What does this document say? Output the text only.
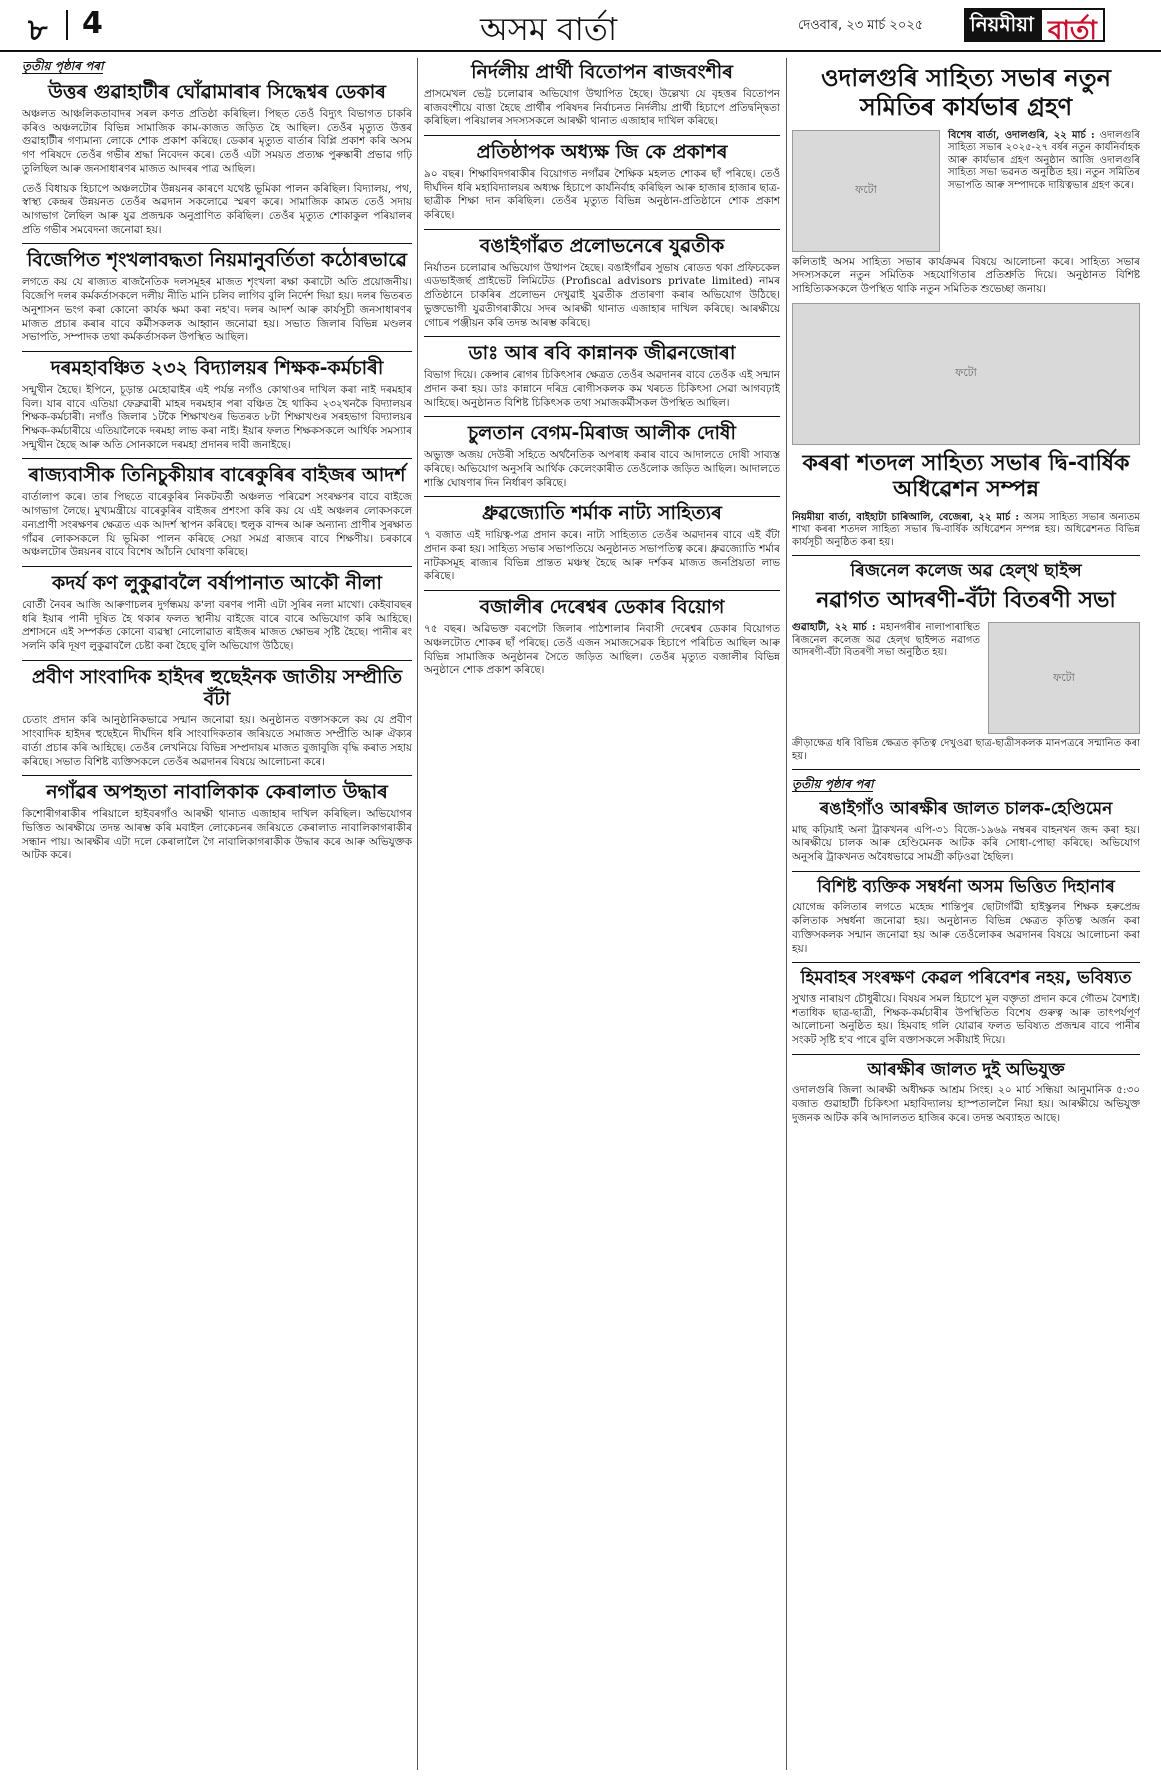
৮ 4	অসম বাৰ্তা	দেওবাৰ, ২৩ মাৰ্চ ২০২৫	নিয়মীয়া বাৰ্তা
তৃতীয় পৃষ্ঠাৰ পৰা
উত্তৰ গুৱাহাটীৰ ঘোঁৱামাৰাৰ সিদ্ধেশ্বৰ ডেকাৰ

অঞ্চলত আঞ্চলিকতাবাদৰ সৰল কণত প্ৰতিষ্ঠা কৰিছিল। পিছত তেওঁ বিদ্যুৎ বিভাগত চাকৰি কৰিও অঞ্চলটোৰ বিভিন্ন সামাজিক কাম-কাজত জড়িত হৈ আছিল। তেওঁৰ মৃত্যুত উত্তৰ গুৱাহাটীৰ গণ্যমান্য লোকে শোক প্ৰকাশ কৰিছে। ডেকাৰ মৃত্যুত বাৰ্তাৰ বিপ্লি প্ৰকাশ কৰি অসম গণ পৰিষদে তেওঁৰ গভীৰ শ্ৰদ্ধা নিবেদন কৰে। তেওঁ এটা সময়ত প্ৰত্যক্ষ পুৰুষ্কাৰী প্ৰভাৱ গঢ়ি তুলিছিল আৰু জনসাধাৰণৰ মাজত আদৰৰ পাত্ৰ আছিল।

তেওঁ বিধায়ক হিচাপে অঞ্চলটোৰ উন্নয়নৰ কাৰণে যথেষ্ট ভূমিকা পালন কৰিছিল। বিদ্যালয়, পথ, স্বাস্থ্য কেন্দ্ৰৰ উন্নয়নত তেওঁৰ অৱদান সকলোৱে স্মৰণ কৰে। সামাজিক কামত তেওঁ সদায় আগভাগ লৈছিল আৰু যুৱ প্ৰজন্মক অনুপ্ৰাণিত কৰিছিল। তেওঁৰ মৃত্যুত শোকাকুল পৰিয়ালৰ প্ৰতি গভীৰ সমবেদনা জনোৱা হয়।

বিজেপিত শৃংখলাবদ্ধতা নিয়মানুবৰ্তিতা কঠোৰভাৱে

লগতে কয় যে ৰাজ্যত ৰাজনৈতিক দলসমূহৰ মাজত শৃংখলা ৰক্ষা কৰাটো অতি প্ৰয়োজনীয়। বিজেপি দলৰ কৰ্মকৰ্তাসকলে দলীয় নীতি মানি চলিব লাগিব বুলি নিৰ্দেশ দিয়া হয়। দলৰ ভিতৰত অনুশাসন ভংগ কৰা কোনো কাৰ্যক ক্ষমা কৰা নহ'ব। দলৰ আদৰ্শ আৰু কাৰ্যসূচী জনসাধাৰণৰ মাজত প্ৰচাৰ কৰাৰ বাবে কৰ্মীসকলক আহ্বান জনোৱা হয়। সভাত জিলাৰ বিভিন্ন মণ্ডলৰ সভাপতি, সম্পাদক তথা কৰ্মকৰ্তাসকল উপস্থিত আছিল।

দৰমহাবঞ্চিত ২৩২ বিদ্যালয়ৰ শিক্ষক-কৰ্মচাৰী

সন্মুখীন হৈছে। ইপিনে, চূড়ান্ত মেহোৱাইৰ এই পৰ্যন্ত নগাঁও কোথাওৰ দাখিল কৰা নাই দৰমহাৰ বিল। যাৰ বাবে এতিয়া ফেব্ৰুৱাৰী মাহৰ দৰমহাৰ পৰা বঞ্চিত হৈ থাকিব ২৩২খনকৈ বিদ্যালয়ৰ শিক্ষক-কৰ্মচাৰী। নগাঁও জিলাৰ ১টকৈ শিক্ষাখণ্ডৰ ভিতৰত ৮টা শিক্ষাখণ্ডৰ সৰহভাগ বিদ্যালয়ৰ শিক্ষক-কৰ্মচাৰীয়ে এতিয়ালৈকে দৰমহা লাভ কৰা নাই। ইয়াৰ ফলত শিক্ষকসকলে আৰ্থিক সমস্যাৰ সন্মুখীন হৈছে আৰু অতি সোনকালে দৰমহা প্ৰদানৰ দাবী জনাইছে।

ৰাজ্যবাসীক তিনিচুকীয়াৰ বাৰেকুৰিৰ বাইজৰ আদৰ্শ

বাৰ্তালাপ কৰে। তাৰ পিছতে বাৰেকুৰিৰ নিকটবৰ্তী অঞ্চলত পৰিৱেশ সংৰক্ষণৰ বাবে বাইজে আগভাগ লৈছে। মুখ্যমন্ত্ৰীয়ে বাৰেকুৰিৰ বাইজৰ প্ৰশংসা কৰি কয় যে এই অঞ্চলৰ লোকসকলে বন্যপ্ৰাণী সংৰক্ষণৰ ক্ষেত্ৰত এক আদৰ্শ স্থাপন কৰিছে। হুলুক বান্দৰ আৰু অন্যান্য প্ৰাণীৰ সুৰক্ষাত গাঁৱৰ লোকসকলে যি ভূমিকা পালন কৰিছে সেয়া সমগ্ৰ ৰাজ্যৰ বাবে শিক্ষণীয়। চৰকাৰে অঞ্চলটোৰ উন্নয়নৰ বাবে বিশেষ আঁচনি ঘোষণা কৰিছে।

কদৰ্য কণ লুকুৱাবলৈ বৰ্ষাপানাত আকৌ নীলা

বোৰ্তী নৈবৰ আজি আৰুণাচলৰ দুৰ্গন্ধময় ক'লা বৰণৰ পানী এটা সুৰিৰ নলা মাখো। কেইবাবছৰ ধৰি ইয়াৰ পানী দূষিত হৈ থকাৰ ফলত স্থানীয় বাইজে বাৰে বাৰে অভিযোগ কৰি আহিছে। প্ৰশাসনে এই সম্পৰ্কত কোনো ব্যৱস্থা নোলোৱাত ৰাইজৰ মাজত ক্ষোভৰ সৃষ্টি হৈছে। পানীৰ ৰং সলনি কৰি দূষণ লুকুৱাবলৈ চেষ্টা কৰা হৈছে বুলি অভিযোগ উঠিছে।

প্ৰবীণ সাংবাদিক হাইদৰ হুছেইনক জাতীয় সম্প্ৰীতি বঁটা

চেতাং প্ৰদান কৰি আনুষ্ঠানিকভাৱে সন্মান জনোৱা হয়। অনুষ্ঠানত বক্তাসকলে কয় যে প্ৰবীণ সাংবাদিক হাইদৰ হুছেইনে দীৰ্ঘদিন ধৰি সাংবাদিকতাৰ জৰিয়তে সমাজত সম্প্ৰীতি আৰু ঐক্যৰ বাৰ্তা প্ৰচাৰ কৰি আহিছে। তেওঁৰ লেখনিয়ে বিভিন্ন সম্প্ৰদায়ৰ মাজত বুজাবুজি বৃদ্ধি কৰাত সহায় কৰিছে। সভাত বিশিষ্ট ব্যক্তিসকলে তেওঁৰ অৱদানৰ বিষয়ে আলোচনা কৰে।

নগাঁৱৰ অপহৃতা নাবালিকাক কেৰালাত উদ্ধাৰ

কিশোৰীগৰাকীৰ পৰিয়ালে হাইবৰগাঁও আৰক্ষী থানাত এজাহাৰ দাখিল কৰিছিল। অভিযোগৰ ভিত্তিত আৰক্ষীয়ে তদন্ত আৰম্ভ কৰি মবাইল লোকেচনৰ জৰিয়তে কেৰালাত নাবালিকাগৰাকীৰ সন্ধান পায়। আৰক্ষীৰ এটা দলে কেৰালালৈ গৈ নাবালিকাগৰাকীক উদ্ধাৰ কৰে আৰু অভিযুক্তক আটক কৰে।

নিৰ্দলীয় প্ৰাৰ্থী বিতোপন ৰাজবংশীৰ

প্ৰাসমেখল ভেট্ট চলোৱাৰ অভিযোগ উত্থাপিত হৈছে। উল্লেখ্য যে বৃহত্তৰ বিতোপন ৰাজবংশীয়ে বাত্তা হৈছে প্ৰাৰ্থীৰ পৰিষদৰ নিৰ্বাচনত নিৰ্দলীয় প্ৰাৰ্থী হিচাপে প্ৰতিদ্বন্দ্বিতা কৰিছিল। পৰিয়ালৰ সদস্যসকলে আৰক্ষী থানাত এজাহাৰ দাখিল কৰিছে।

প্ৰতিষ্ঠাপক অধ্যক্ষ জি কে প্ৰকাশৰ

৯০ বছৰ। শিক্ষাবিদগৰাকীৰ বিয়োগত নগাঁৱৰ শৈক্ষিক মহলত শোকৰ ছাঁ পৰিছে। তেওঁ দীৰ্ঘদিন ধৰি মহাবিদ্যালয়ৰ অধ্যক্ষ হিচাপে কাৰ্যনিৰ্বাহ কৰিছিল আৰু হাজাৰ হাজাৰ ছাত্ৰ-ছাত্ৰীক শিক্ষা দান কৰিছিল। তেওঁৰ মৃত্যুত বিভিন্ন অনুষ্ঠান-প্ৰতিষ্ঠানে শোক প্ৰকাশ কৰিছে।

বঙাইগাঁৱত প্ৰলোভনেৰে যুৱতীক

নিৰ্যাতন চলোৱাৰ অভিযোগ উত্থাপন হৈছে। বঙাইগাঁৱৰ সুভাষ ৰোডত থকা প্ৰফিচকেল এডভাইজৰ্ছ প্ৰাইভেট লিমিটেড (Profiscal advisors private limited) নামৰ প্ৰতিষ্ঠানে চাকৰিৰ প্ৰলোভন দেখুৱাই যুৱতীক প্ৰতাৰণা কৰাৰ অভিযোগ উঠিছে। ভুক্তভোগী যুৱতীগৰাকীয়ে সদৰ আৰক্ষী থানাত এজাহাৰ দাখিল কৰিছে। আৰক্ষীয়ে গোচৰ পঞ্জীয়ন কৰি তদন্ত আৰম্ভ কৰিছে।

ডাঃ আৰ ৰবি কান্নানক জীৱনজোৰা

বিভাগ দিয়ে। কেন্সাৰ ৰোগৰ চিকিৎসাৰ ক্ষেত্ৰত তেওঁৰ অৱদানৰ বাবে তেওঁক এই সন্মান প্ৰদান কৰা হয়। ডাঃ কান্নানে দৰিদ্ৰ ৰোগীসকলক কম খৰচত চিকিৎসা সেৱা আগবঢ়াই আহিছে। অনুষ্ঠানত বিশিষ্ট চিকিৎসক তথা সমাজকৰ্মীসকল উপস্থিত আছিল।

চুলতান বেগম-মিৰাজ আলীক দোষী

অভ্যুক্ত অজয় দেউৰী সহিতে অৰ্থনৈতিক অপৰাধ কৰাৰ বাবে আদালতে দোষী সাব্যস্ত কৰিছে। অভিযোগ অনুসৰি আৰ্থিক কেলেংকাৰীত তেওঁলোক জড়িত আছিল। আদালতে শাস্তি ঘোষণাৰ দিন নিৰ্ধাৰণ কৰিছে।

ধ্ৰুৱজ্যোতি শৰ্মাক নাট্য সাহিত্যৰ

৭ বজাত এই দায়িত্ব-পত্ৰ প্ৰদান কৰে। নাট্য সাহিত্যত তেওঁৰ অৱদানৰ বাবে এই বঁটা প্ৰদান কৰা হয়। সাহিত্য সভাৰ সভাপতিয়ে অনুষ্ঠানত সভাপতিত্ব কৰে। ধ্ৰুৱজ্যোতি শৰ্মাৰ নাটকসমূহ ৰাজ্যৰ বিভিন্ন প্ৰান্তত মঞ্চস্থ হৈছে আৰু দৰ্শকৰ মাজত জনপ্ৰিয়তা লাভ কৰিছে।

বজালীৰ দেৰেশ্বৰ ডেকাৰ বিয়োগ

৭৫ বছৰ। অৱিভক্ত বৰপেটা জিলাৰ পাঠশালাৰ নিবাসী দেৰেশ্বৰ ডেকাৰ বিয়োগত অঞ্চলটোত শোকৰ ছাঁ পৰিছে। তেওঁ এজন সমাজসেৱক হিচাপে পৰিচিত আছিল আৰু বিভিন্ন সামাজিক অনুষ্ঠানৰ সৈতে জড়িত আছিল। তেওঁৰ মৃত্যুত বজালীৰ বিভিন্ন অনুষ্ঠানে শোক প্ৰকাশ কৰিছে।

ওদালগুৰি সাহিত্য সভাৰ নতুন সমিতিৰ কাৰ্যভাৰ গ্ৰহণ
ফটো

বিশেষ বাৰ্তা, ওদালগুৰি, ২২ মাৰ্চ : ওদালগুৰি সাহিত্য সভাৰ ২০২৫-২৭ বৰ্ষৰ নতুন কাৰ্যনিৰ্বাহক আৰু কাৰ্যভাৰ গ্ৰহণ অনুষ্ঠান আজি ওদালগুৰি সাহিত্য সভা ভৱনত অনুষ্ঠিত হয়। নতুন সমিতিৰ সভাপতি আৰু সম্পাদকে দায়িত্বভাৰ গ্ৰহণ কৰে।

কলিতাই অসম সাহিত্য সভাৰ কাৰ্যক্ৰমৰ বিষয়ে আলোচনা কৰে। সাহিত্য সভাৰ সদস্যসকলে নতুন সমিতিক সহযোগিতাৰ প্ৰতিশ্ৰুতি দিয়ে। অনুষ্ঠানত বিশিষ্ট সাহিত্যিকসকলে উপস্থিত থাকি নতুন সমিতিক শুভেচ্ছা জনায়।

ফটো
কৰৰা শতদল সাহিত্য সভাৰ দ্বি-বাৰ্ষিক অধিৱেশন সম্পন্ন

নিয়মীয়া বাৰ্তা, বাইহাটা চাৰিআলি, বেজেৰা, ২২ মাৰ্চ : অসম সাহিত্য সভাৰ অন্যতম শাখা কৰৰা শতদল সাহিত্য সভাৰ দ্বি-বাৰ্ষিক অধিৱেশন সম্পন্ন হয়। অধিৱেশনত বিভিন্ন কাৰ্যসূচী অনুষ্ঠিত কৰা হয়।

ৰিজনেল কলেজ অৱ হেল্থ ছাইন্স
নৱাগত আদৰণী-বঁটা বিতৰণী সভা
ফটো

গুৱাহাটী, ২২ মাৰ্চ : মহানগৰীৰ নালাপাৰাস্থিত ৰিজনেল কলেজ অৱ হেল্থ ছাইন্সত নৱাগত আদৰণী-বঁটা বিতৰণী সভা অনুষ্ঠিত হয়।

ক্ৰীড়াক্ষেত্ৰ ধৰি বিভিন্ন ক্ষেত্ৰত কৃতিত্ব দেখুওৱা ছাত্ৰ-ছাত্ৰীসকলক মানপত্ৰৰে সন্মানিত কৰা হয়।

তৃতীয় পৃষ্ঠাৰ পৰা
ৰঙাইগাঁও আৰক্ষীৰ জালত চালক-হেণ্ডিমেন

মাছ কঢ়িয়াই অনা ট্ৰাকখনৰ এপি-৩১ বিজে-১৯৬৯ নম্বৰৰ বাহনখন জব্দ কৰা হয়। আৰক্ষীয়ে চালক আৰু হেণ্ডিমেনক আটক কৰি সোধা-পোছা কৰিছে। অভিযোগ অনুসৰি ট্ৰাকখনত অবৈধভাৱে সামগ্ৰী কঢ়িওৱা হৈছিল।

বিশিষ্ট ব্যক্তিক সম্বৰ্ধনা অসম ভিত্তিত দিহানাৰ

যোগেন্দ্ৰ কলিতাৰ লগতে মহেন্দ্ৰ শান্তিপুৰ ছোটাগাঁৱী হাইস্কুলৰ শিক্ষক হৰুপ্ৰেন্দ্ৰ কলিতাক সম্বৰ্ধনা জনোৱা হয়। অনুষ্ঠানত বিভিন্ন ক্ষেত্ৰত কৃতিত্ব অৰ্জন কৰা ব্যক্তিসকলক সন্মান জনোৱা হয় আৰু তেওঁলোকৰ অৱদানৰ বিষয়ে আলোচনা কৰা হয়।

হিমবাহৰ সংৰক্ষণ কেৱল পৰিবেশৰ নহয়, ভবিষ্যত

সুখাত্ত নাৰায়ণ চৌধুৰীয়ে। বিষয়ৰ সমল হিচাপে মূল বক্তৃতা প্ৰদান কৰে গৌতম বৈশ্যই। শতাধিক ছাত্ৰ-ছাত্ৰী, শিক্ষক-কৰ্মচাৰীৰ উপস্থিতিত বিশেষ গুৰুত্ব আৰু তাৎপৰ্যপূৰ্ণ আলোচনা অনুষ্ঠিত হয়। হিমবাহ গলি যোৱাৰ ফলত ভবিষ্যত প্ৰজন্মৰ বাবে পানীৰ সংকট সৃষ্টি হ'ব পাৰে বুলি বক্তাসকলে সকীয়াই দিয়ে।

আৰক্ষীৰ জালত দুই অভিযুক্ত

ওদালগুৰি জিলা আৰক্ষী অধীক্ষক আশ্ৰম সিংহ। ২০ মাৰ্চ সন্ধিয়া আনুমানিক ৫:৩০ বজাত গুৱাহাটী চিকিৎসা মহাবিদ্যালয় হাস্পতাললৈ নিয়া হয়। আৰক্ষীয়ে অভিযুক্ত দুজনক আটক কৰি আদালতত হাজিৰ কৰে। তদন্ত অব্যাহত আছে।
